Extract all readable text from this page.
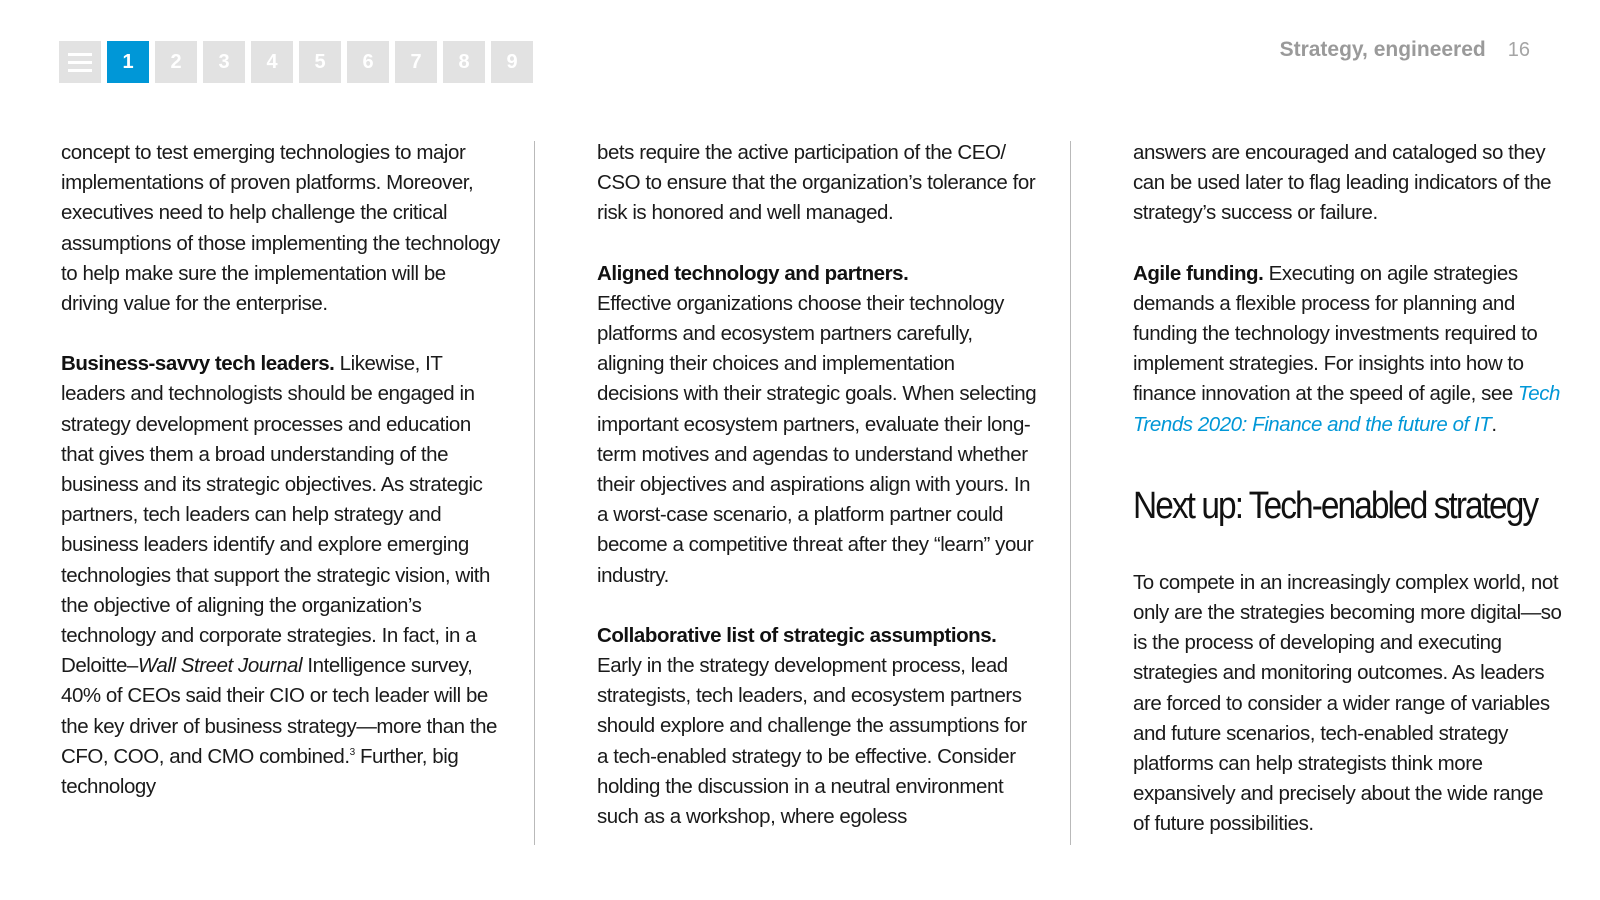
1	2	3	4	5	6	7	8	9
Strategy, engineered 16

concept to test emerging technologies to major implementations of proven platforms. Moreover, executives need to help challenge the critical assumptions of those implementing the technology to help make sure the implementation will be driving value for the enterprise.

Business-savvy tech leaders. Likewise, IT leaders and technologists should be engaged in strategy development processes and education that gives them a broad understanding of the business and its strategic objectives. As strategic partners, tech leaders can help strategy and business leaders identify and explore emerging technologies that support the strategic vision, with the objective of aligning the organization’s technology and corporate strategies. In fact, in a Deloitte–Wall Street Journal Intelligence survey, 40% of CEOs said their CIO or tech leader will be the key driver of business strategy—more than the CFO, COO, and CMO combined.$^3$ Further, big technology

bets require the active participation of the CEO/ CSO to ensure that the organization’s tolerance for risk is honored and well managed.

Aligned technology and partners.
Effective organizations choose their technology platforms and ecosystem partners carefully, aligning their choices and implementation decisions with their strategic goals. When selecting important ecosystem partners, evaluate their long-term motives and agendas to understand whether their objectives and aspirations align with yours. In a worst-case scenario, a platform partner could become a competitive threat after they “learn” your industry.

Collaborative list of strategic assumptions.
Early in the strategy development process, lead strategists, tech leaders, and ecosystem partners should explore and challenge the assumptions for a tech-enabled strategy to be effective. Consider holding the discussion in a neutral environment such as a workshop, where egoless

answers are encouraged and cataloged so they can be used later to flag leading indicators of the strategy’s success or failure.

Agile funding. Executing on agile strategies demands a flexible process for planning and funding the technology investments required to implement strategies. For insights into how to finance innovation at the speed of agile, see Tech Trends 2020: Finance and the future of IT.

Next up: Tech-enabled strategy

To compete in an increasingly complex world, not only are the strategies becoming more digital—so is the process of developing and executing strategies and monitoring outcomes. As leaders are forced to consider a wider range of variables and future scenarios, tech-enabled strategy platforms can help strategists think more expansively and precisely about the wide range of future possibilities.
